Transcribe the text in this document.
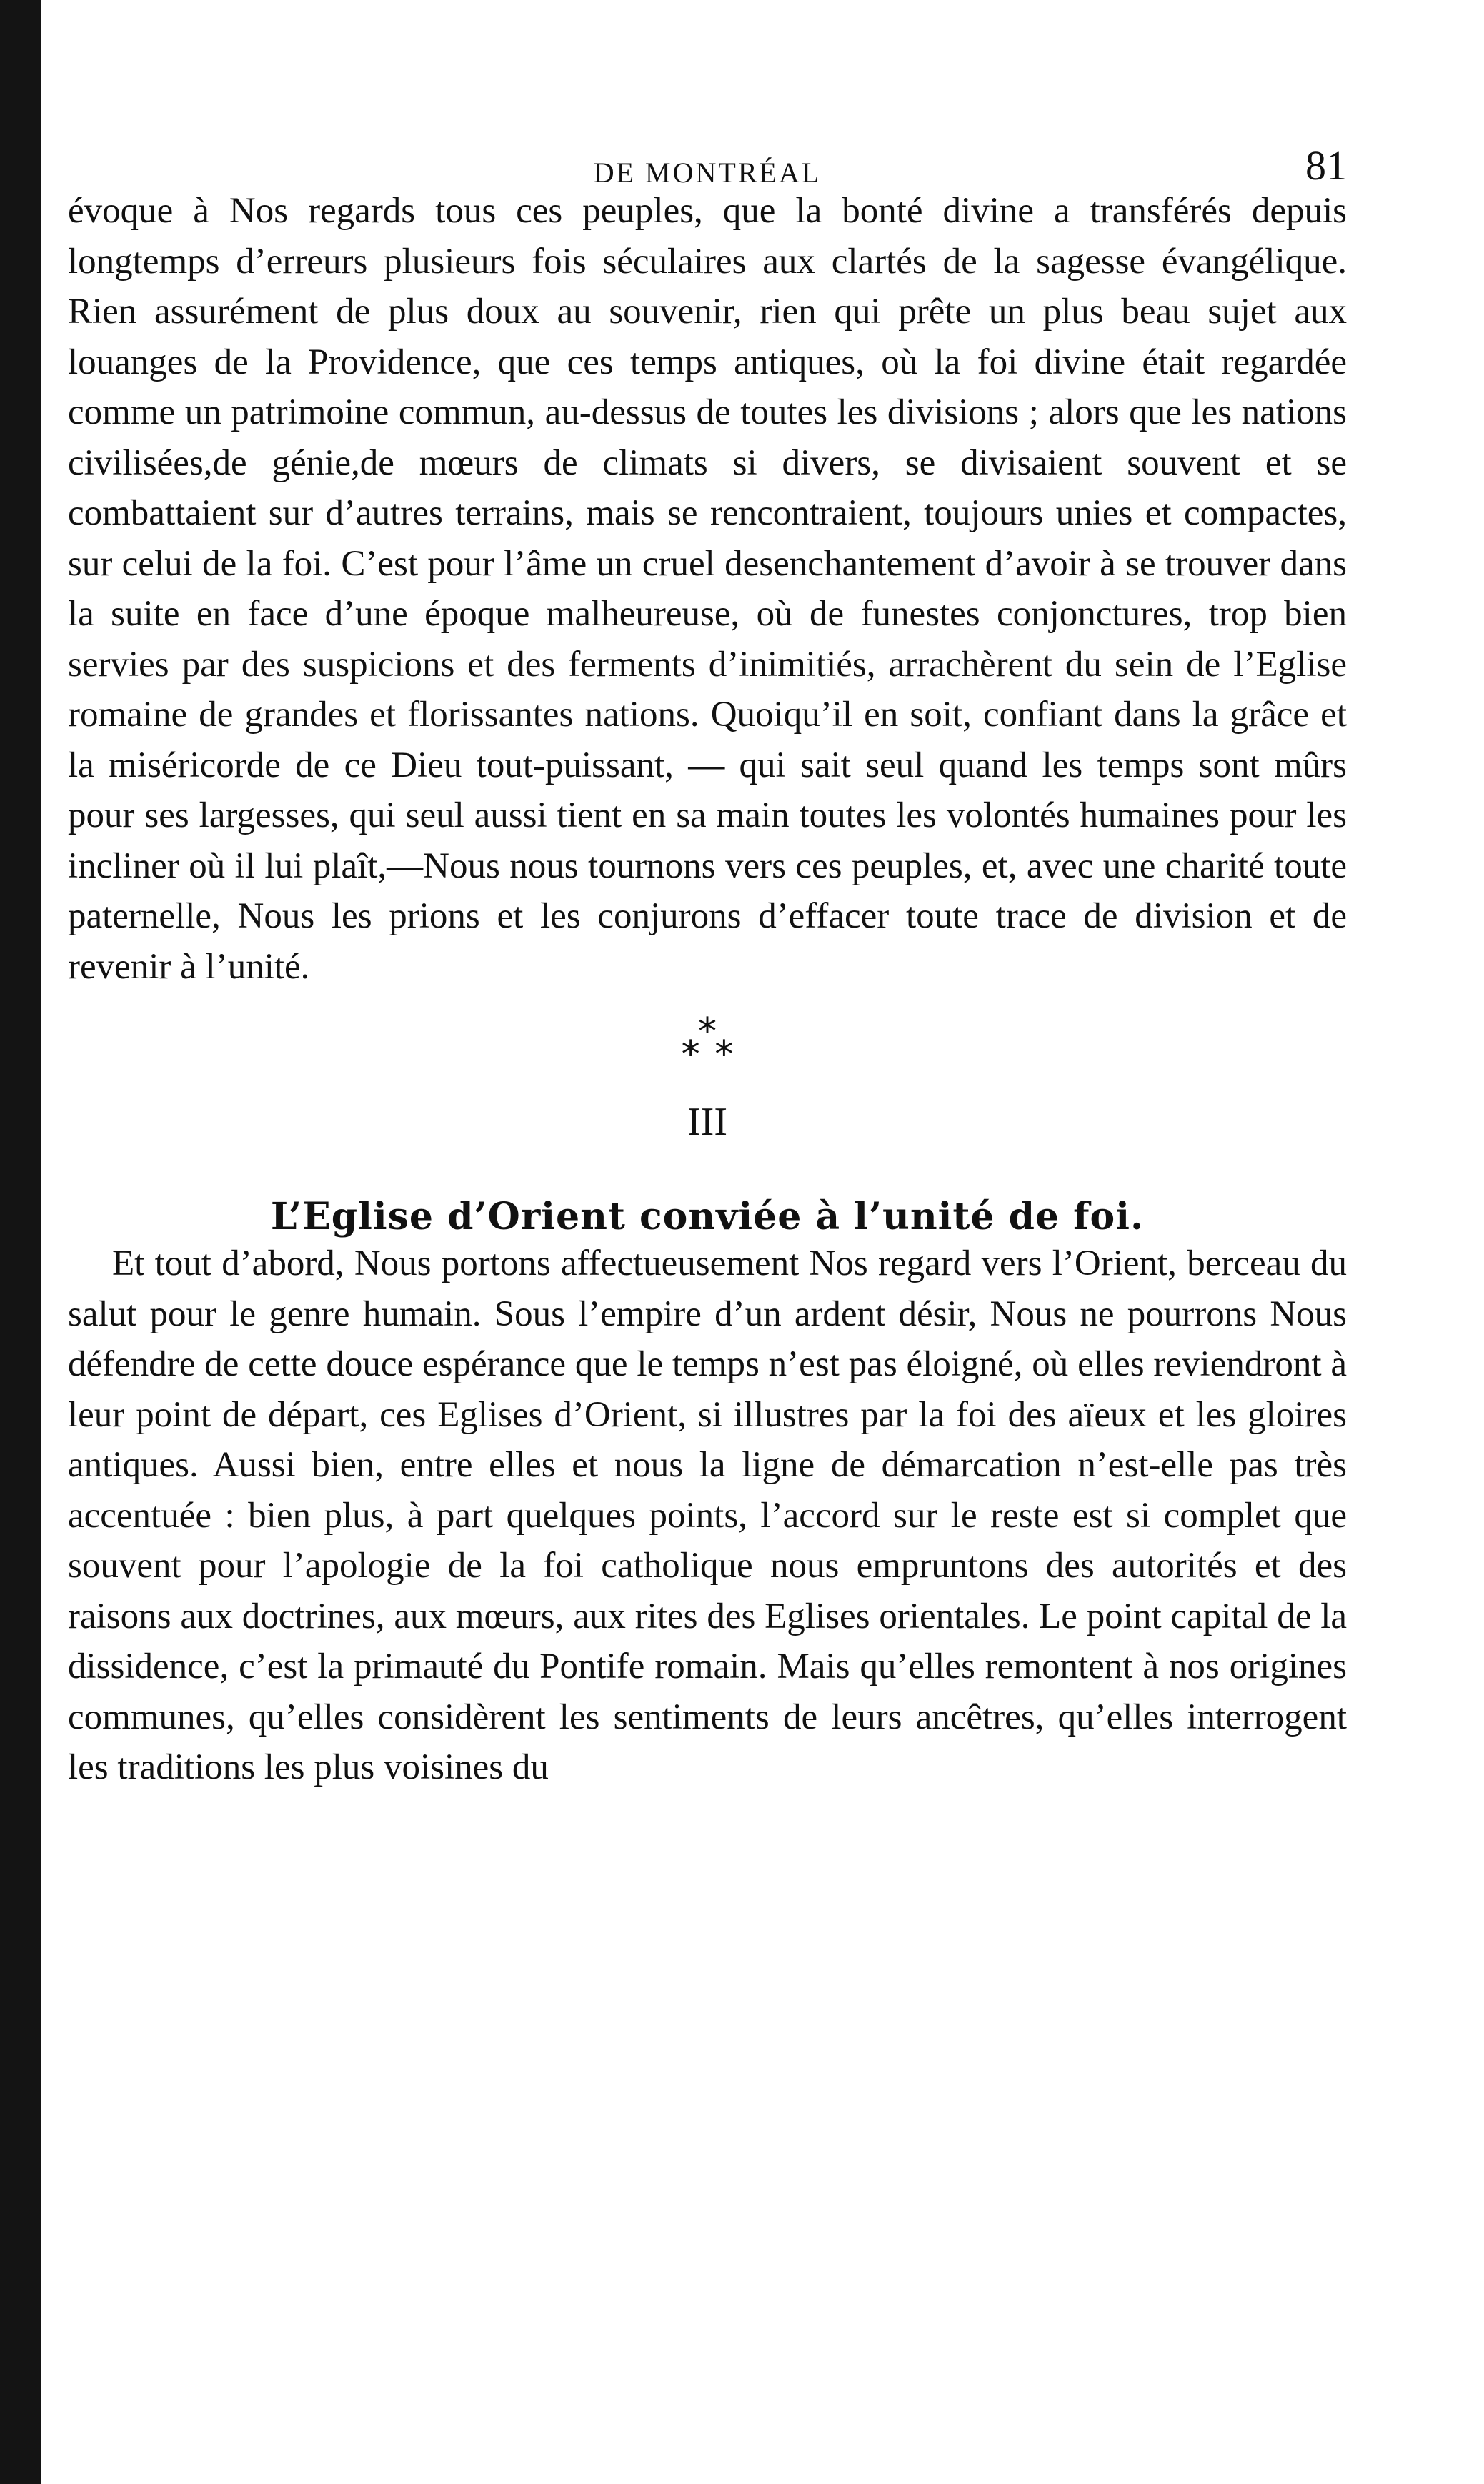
DE MONTRÉAL	81

évoque à Nos regards tous ces peuples, que la bonté divine a transférés depuis longtemps d’erreurs plusieurs fois séculaires aux clartés de la sagesse évangélique. Rien assurément de plus doux au souvenir, rien qui prête un plus beau sujet aux louanges de la Providence, que ces temps antiques, où la foi divine était regardée comme un patrimoine commun, au-dessus de toutes les divisions ; alors que les nations civilisées,de génie,de mœurs de climats si divers, se divisaient souvent et se combattaient sur d’autres terrains, mais se rencontraient, toujours unies et compactes, sur celui de la foi. C’est pour l’âme un cruel desenchantement d’avoir à se trouver dans la suite en face d’une époque malheureuse, où de funestes conjonctures, trop bien servies par des suspicions et des ferments d’inimitiés, arrachèrent du sein de l’Eglise romaine de grandes et florissantes nations. Quoiqu’il en soit, confiant dans la grâce et la miséricorde de ce Dieu tout-puissant, — qui sait seul quand les temps sont mûrs pour ses largesses, qui seul aussi tient en sa main toutes les volontés humaines pour les incliner où il lui plaît,—Nous nous tournons vers ces peuples, et, avec une charité toute paternelle, Nous les prions et les conjurons d’effacer toute trace de division et de revenir à l’unité.

*
* *
III
L’Eglise d’Orient conviée à l’unité de foi.

Et tout d’abord, Nous portons affectueusement Nos regard vers l’Orient, berceau du salut pour le genre humain. Sous l’empire d’un ardent désir, Nous ne pourrons Nous défendre de cette douce espérance que le temps n’est pas éloigné, où elles reviendront à leur point de départ, ces Eglises d’Orient, si illustres par la foi des aïeux et les gloires antiques. Aussi bien, entre elles et nous la ligne de démarcation n’est-elle pas très accentuée : bien plus, à part quelques points, l’accord sur le reste est si complet que souvent pour l’apologie de la foi catholique nous empruntons des autorités et des raisons aux doctrines, aux mœurs, aux rites des Eglises orientales. Le point capital de la dissidence, c’est la primauté du Pontife romain. Mais qu’elles remontent à nos origines communes, qu’elles considèrent les sentiments de leurs ancêtres, qu’elles interrogent les traditions les plus voisines du
